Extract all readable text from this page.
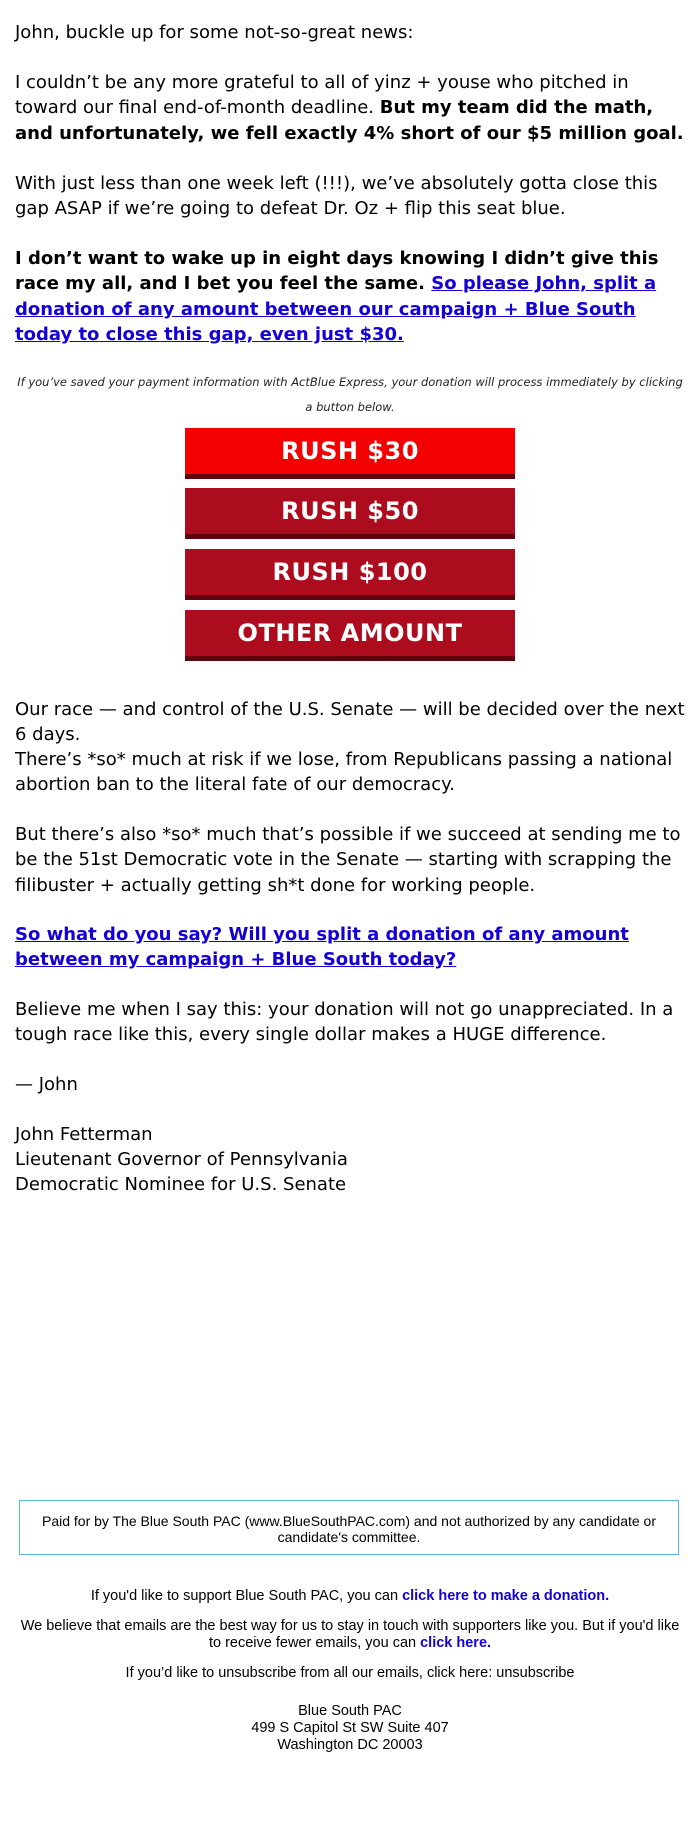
John, buckle up for some not-so-great news:

I couldn’t be any more grateful to all of yinz + youse who pitched in toward our final end-of-month deadline. But my team did the math, and unfortunately, we fell exactly 4% short of our $5 million goal.

With just less than one week left (!!!), we’ve absolutely gotta close this gap ASAP if we’re going to defeat Dr. Oz + flip this seat blue.

I don’t want to wake up in eight days knowing I didn’t give this race my all, and I bet you feel the same. So please John, split a donation of any amount between our campaign + Blue South today to close this gap, even just $30.

If you’ve saved your payment information with ActBlue Express, your donation will process immediately by clicking a button below.
RUSH $30
RUSH $50
RUSH $100
OTHER AMOUNT

Our race — and control of the U.S. Senate — will be decided over the next 6 days.

There’s *so* much at risk if we lose, from Republicans passing a national abortion ban to the literal fate of our democracy.

But there’s also *so* much that’s possible if we succeed at sending me to be the 51st Democratic vote in the Senate — starting with scrapping the filibuster + actually getting sh*t done for working people.

So what do you say? Will you split a donation of any amount between my campaign + Blue South today?

Believe me when I say this: your donation will not go unappreciated. In a tough race like this, every single dollar makes a HUGE difference.

— John

John Fetterman

Lieutenant Governor of Pennsylvania

Democratic Nominee for U.S. Senate

Paid for by The Blue South PAC (www.BlueSouthPAC.com) and not authorized by any candidate or candidate's committee.
If you'd like to support Blue South PAC, you can click here to make a donation.
We believe that emails are the best way for us to stay in touch with supporters like you. But if you'd like to receive fewer emails, you can click here.
If you’d like to unsubscribe from all our emails, click here: unsubscribe
Blue South PAC
499 S Capitol St SW Suite 407
Washington DC 20003
